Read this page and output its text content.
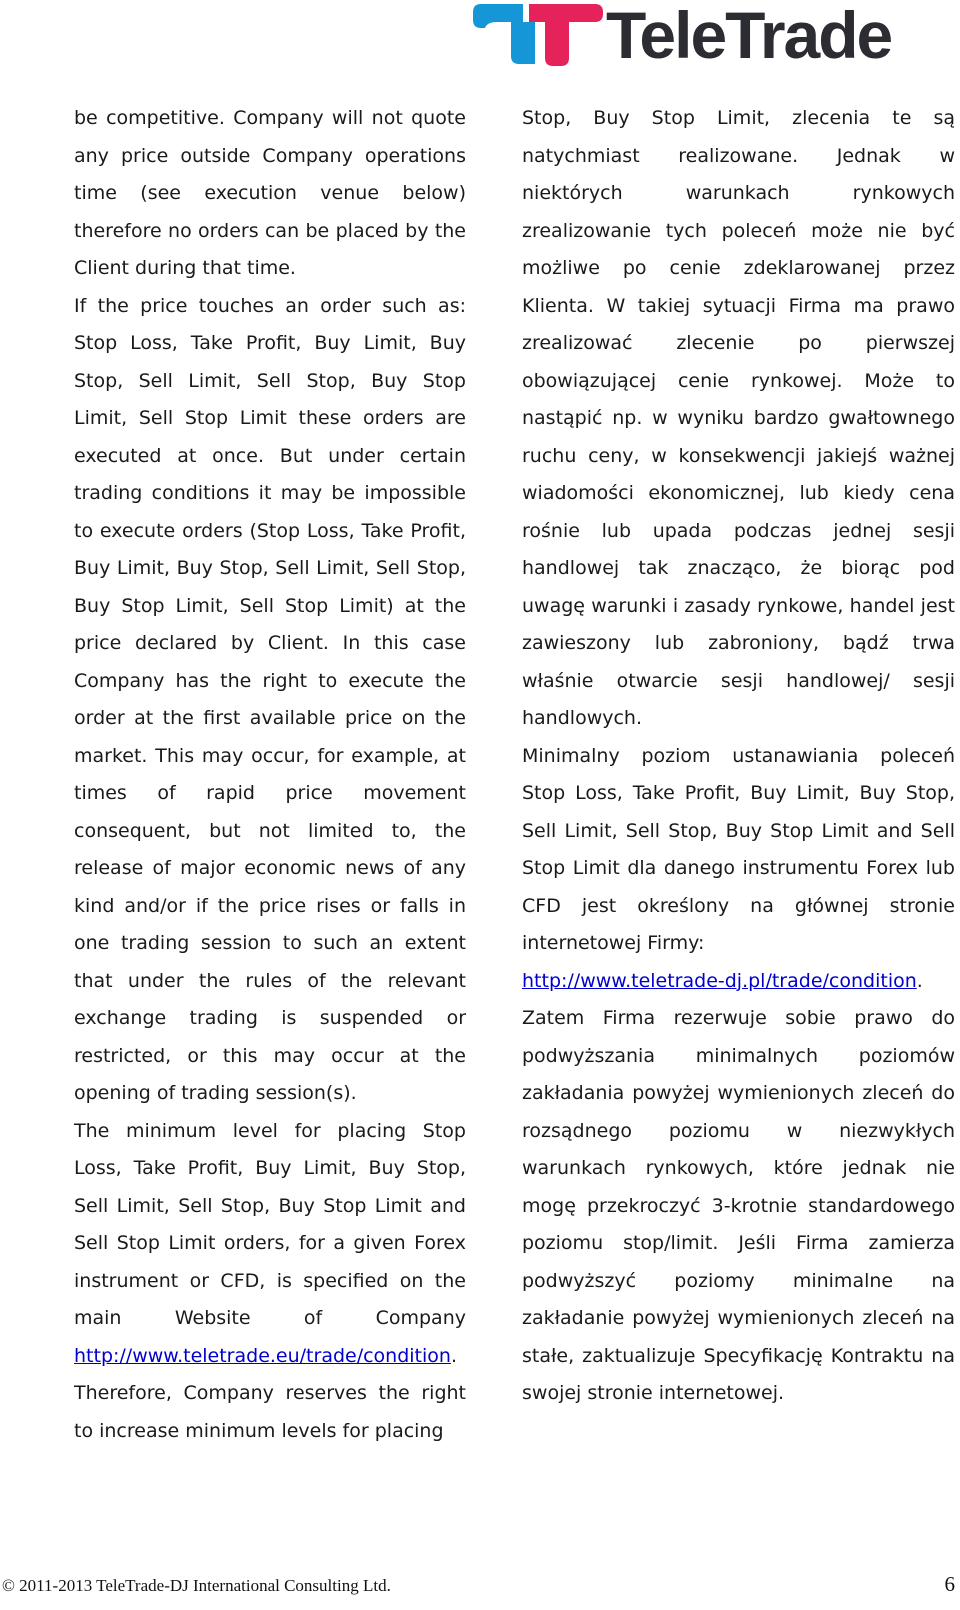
TeleTrade

be competitive. Company will not quote any price outside Company operations time (see execution venue below) therefore no orders can be placed by the Client during that time.

If the price touches an order such as: Stop Loss, Take Profit, Buy Limit, Buy Stop, Sell Limit, Sell Stop, Buy Stop Limit, Sell Stop Limit these orders are executed at once. But under certain trading conditions it may be impossible to execute orders (Stop Loss, Take Profit, Buy Limit, Buy Stop, Sell Limit, Sell Stop, Buy Stop Limit, Sell Stop Limit) at the price declared by Client. In this case Company has the right to execute the order at the first available price on the market. This may occur, for example, at times of rapid price movement consequent, but not limited to, the release of major economic news of any kind and/or if the price rises or falls in one trading session to such an extent that under the rules of the relevant exchange trading is suspended or restricted, or this may occur at the opening of trading session(s).

The minimum level for placing Stop Loss, Take Profit, Buy Limit, Buy Stop, Sell Limit, Sell Stop, Buy Stop Limit and Sell Stop Limit orders, for a given Forex instrument or CFD, is specified on the main Website of Company http://www.teletrade.eu/trade/condition.

Therefore, Company reserves the right to increase minimum levels for placing

Stop, Buy Stop Limit, zlecenia te są natychmiast realizowane. Jednak w niektórych warunkach rynkowych zrealizowanie tych poleceń może nie być możliwe po cenie zdeklarowanej przez Klienta. W takiej sytuacji Firma ma prawo zrealizować zlecenie po pierwszej obowiązującej cenie rynkowej. Może to nastąpić np. w wyniku bardzo gwałtownego ruchu ceny, w konsekwencji jakiejś ważnej wiadomości ekonomicznej, lub kiedy cena rośnie lub upada podczas jednej sesji handlowej tak znacząco, że biorąc pod uwagę warunki i zasady rynkowe, handel jest zawieszony lub zabroniony, bądź trwa właśnie otwarcie sesji handlowej/ sesji handlowych.

Minimalny poziom ustanawiania poleceń Stop Loss, Take Profit, Buy Limit, Buy Stop, Sell Limit, Sell Stop, Buy Stop Limit and Sell Stop Limit dla danego instrumentu Forex lub CFD jest określony na głównej stronie internetowej Firmy:

http://www.teletrade-dj.pl/trade/condition.

Zatem Firma rezerwuje sobie prawo do podwyższania minimalnych poziomów zakładania powyżej wymienionych zleceń do rozsądnego poziomu w niezwykłych warunkach rynkowych, które jednak nie mogę przekroczyć 3-krotnie standardowego poziomu stop/limit. Jeśli Firma zamierza podwyższyć poziomy minimalne na zakładanie powyżej wymienionych zleceń na stałe, zaktualizuje Specyfikację Kontraktu na swojej stronie internetowej.

© 2011-2013 TeleTrade-DJ International Consulting Ltd.	6
